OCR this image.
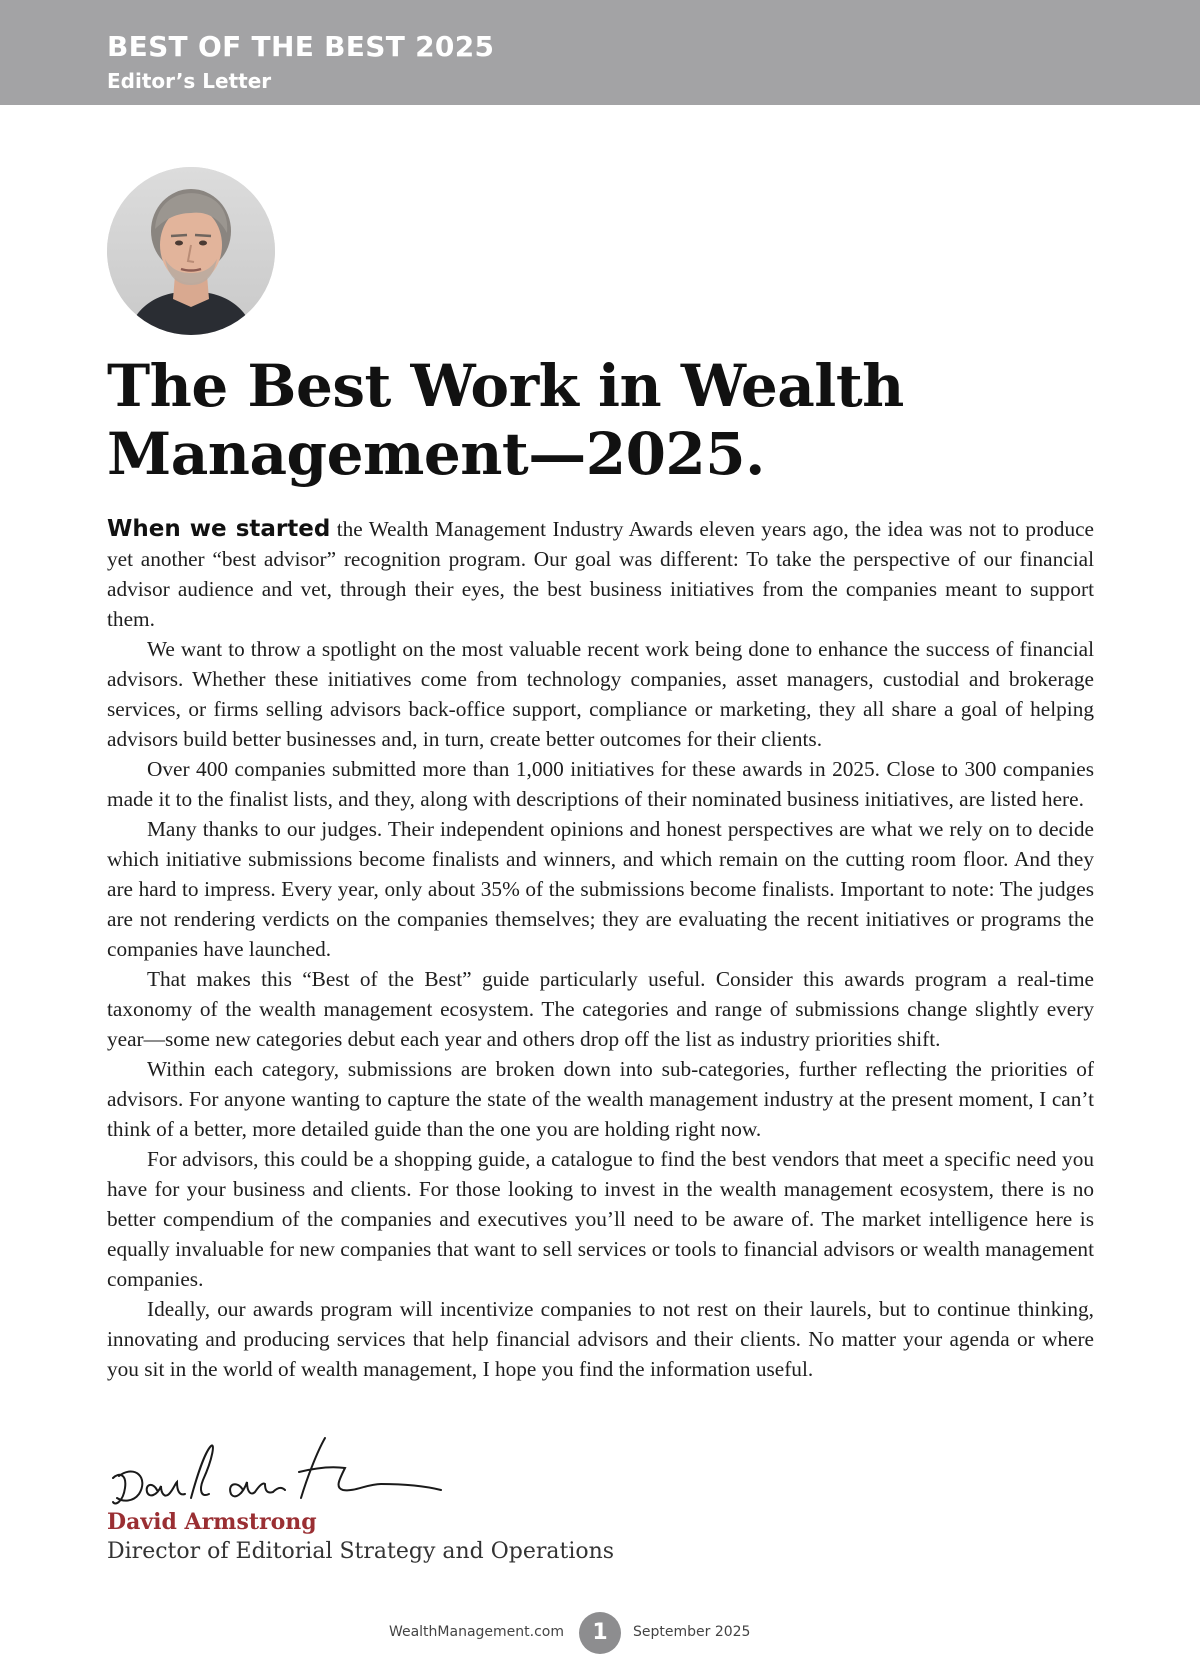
BEST OF THE BEST 2025
Editor’s Letter
The Best Work in Wealth
Management—2025.

When we started the Wealth Management Industry Awards eleven years ago, the idea was not to produce yet another “best advisor” recognition program. Our goal was different: To take the perspective of our financial advisor audience and vet, through their eyes, the best business initiatives from the companies meant to support them.

We want to throw a spotlight on the most valuable recent work being done to enhance the success of financial advisors. Whether these initiatives come from technology companies, asset managers, custodial and brokerage services, or firms selling advisors back-office support, compliance or marketing, they all share a goal of helping advisors build better businesses and, in turn, create better outcomes for their clients.

Over 400 companies submitted more than 1,000 initiatives for these awards in 2025. Close to 300 companies made it to the finalist lists, and they, along with descriptions of their nominated business initiatives, are listed here.

Many thanks to our judges. Their independent opinions and honest perspectives are what we rely on to decide which initiative submissions become finalists and winners, and which remain on the cutting room floor. And they are hard to impress. Every year, only about 35% of the submissions become finalists. Important to note: The judges are not rendering verdicts on the companies themselves; they are evaluating the recent initiatives or programs the companies have launched.

That makes this “Best of the Best” guide particularly useful. Consider this awards program a real-time taxonomy of the wealth management ecosystem. The categories and range of submissions change slightly every year—some new categories debut each year and others drop off the list as industry priorities shift.

Within each category, submissions are broken down into sub-categories, further reflecting the priorities of advisors. For anyone wanting to capture the state of the wealth management industry at the present moment, I can’t think of a better, more detailed guide than the one you are holding right now.

For advisors, this could be a shopping guide, a catalogue to find the best vendors that meet a specific need you have for your business and clients. For those looking to invest in the wealth management ecosystem, there is no better compendium of the companies and executives you’ll need to be aware of. The market intelligence here is equally invaluable for new companies that want to sell services or tools to financial advisors or wealth management companies.

Ideally, our awards program will incentivize companies to not rest on their laurels, but to continue thinking, innovating and producing services that help financial advisors and their clients. No matter your agenda or where you sit in the world of wealth management, I hope you find the information useful.

David Armstrong
Director of Editorial Strategy and Operations
WealthManagement.com	1	September 2025
